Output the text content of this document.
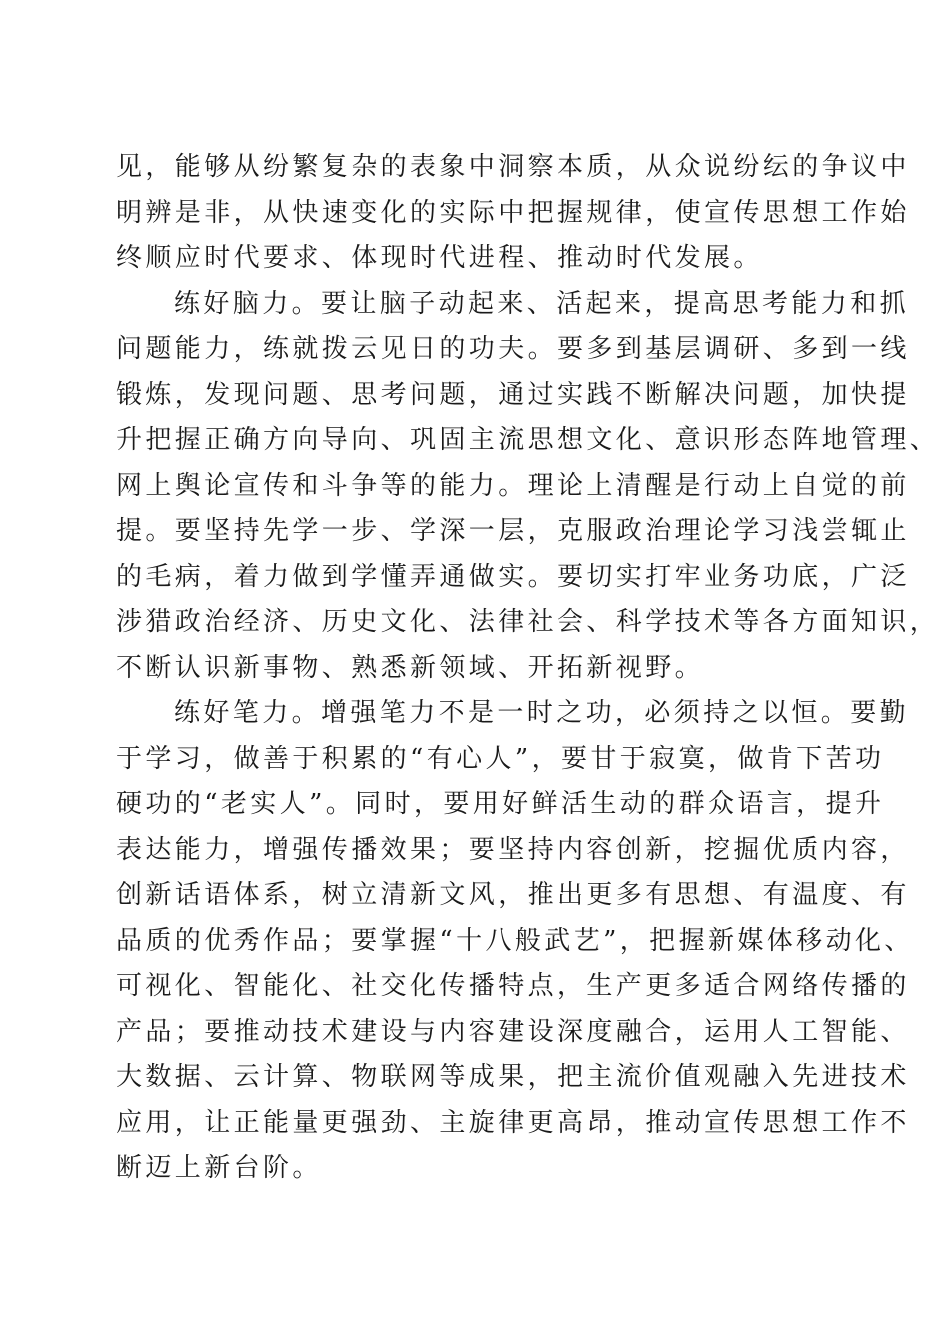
见，能够从纷繁复杂的表象中洞察本质，从众说纷纭的争议中
明辨是非，从快速变化的实际中把握规律，使宣传思想工作始
终顺应时代要求、体现时代进程、推动时代发展。
练好脑力。要让脑子动起来、活起来，提高思考能力和抓
问题能力，练就拨云见日的功夫。要多到基层调研、多到一线
锻炼，发现问题、思考问题，通过实践不断解决问题，加快提
升把握正确方向导向、巩固主流思想文化、意识形态阵地管理、
网上舆论宣传和斗争等的能力。理论上清醒是行动上自觉的前
提。要坚持先学一步、学深一层，克服政治理论学习浅尝辄止
的毛病，着力做到学懂弄通做实。要切实打牢业务功底，广泛
涉猎政治经济、历史文化、法律社会、科学技术等各方面知识，
不断认识新事物、熟悉新领域、开拓新视野。
练好笔力。增强笔力不是一时之功，必须持之以恒。要勤
于学习，做善于积累的“有心人”，要甘于寂寞，做肯下苦功
硬功的“老实人”。同时，要用好鲜活生动的群众语言，提升
表达能力，增强传播效果；要坚持内容创新，挖掘优质内容，
创新话语体系，树立清新文风，推出更多有思想、有温度、有
品质的优秀作品；要掌握“十八般武艺”，把握新媒体移动化、
可视化、智能化、社交化传播特点，生产更多适合网络传播的
产品；要推动技术建设与内容建设深度融合，运用人工智能、
大数据、云计算、物联网等成果，把主流价值观融入先进技术
应用，让正能量更强劲、主旋律更高昂，推动宣传思想工作不
断迈上新台阶。
